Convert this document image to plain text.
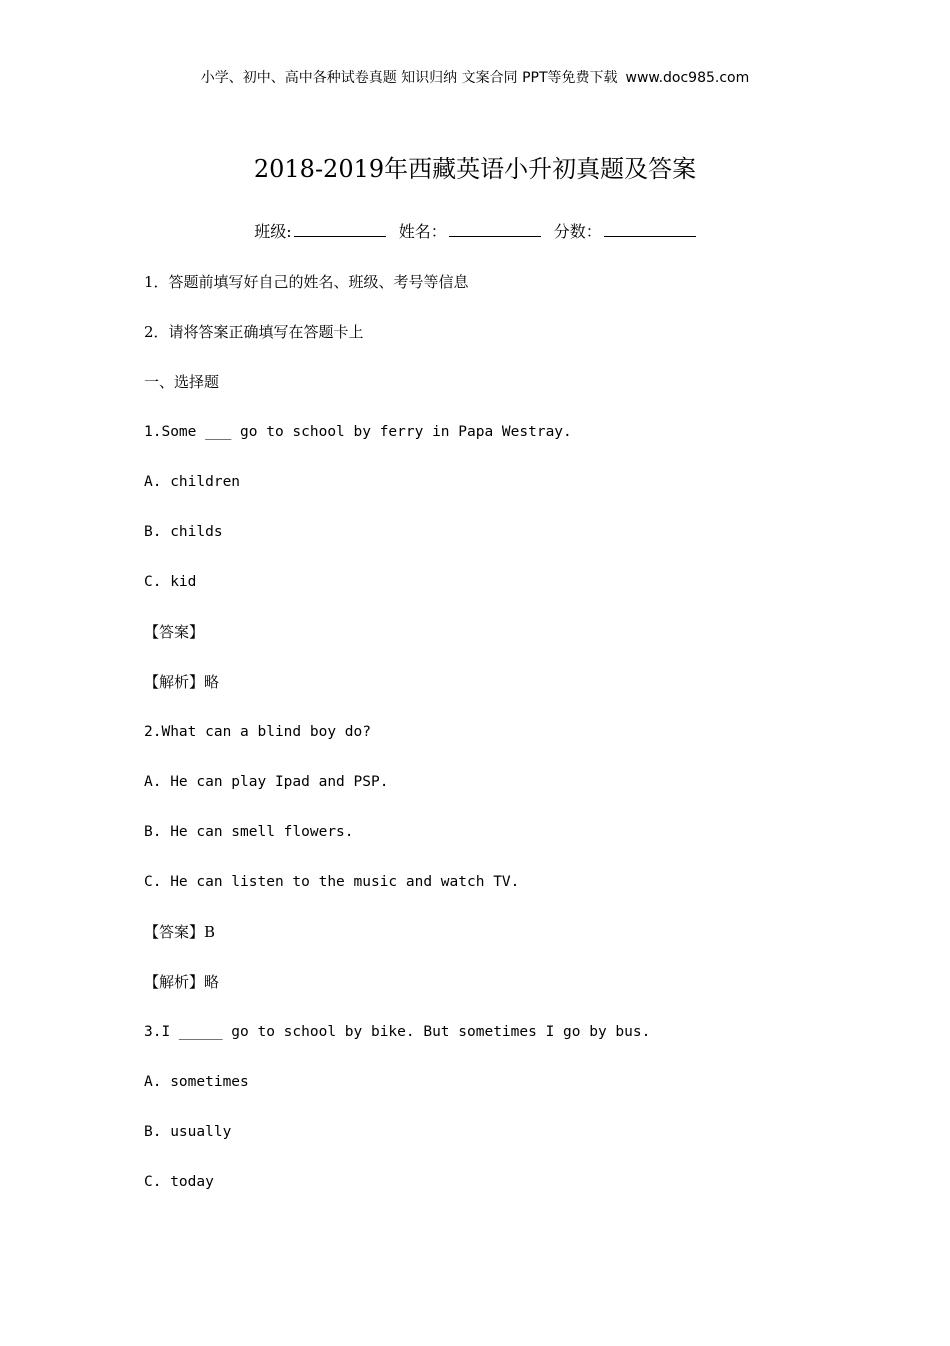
小学、初中、高中各种试卷真题 知识归纳 文案合同 PPT等免费下载 www.doc985.com
2018-2019年西藏英语小升初真题及答案
班级:	姓名：	分数：
1．答题前填写好自己的姓名、班级、考号等信息
2．请将答案正确填写在答题卡上
一、选择题
1.Some ___ go to school by ferry in Papa Westray.
A. children
B. childs
C. kid
【答案】
【解析】略
2.What can a blind boy do?
A. He can play Ipad and PSP.
B. He can smell flowers.
C. He can listen to the music and watch TV.
【答案】B
【解析】略
3.I _____ go to school by bike. But sometimes I go by bus.
A. sometimes
B. usually
C. today
